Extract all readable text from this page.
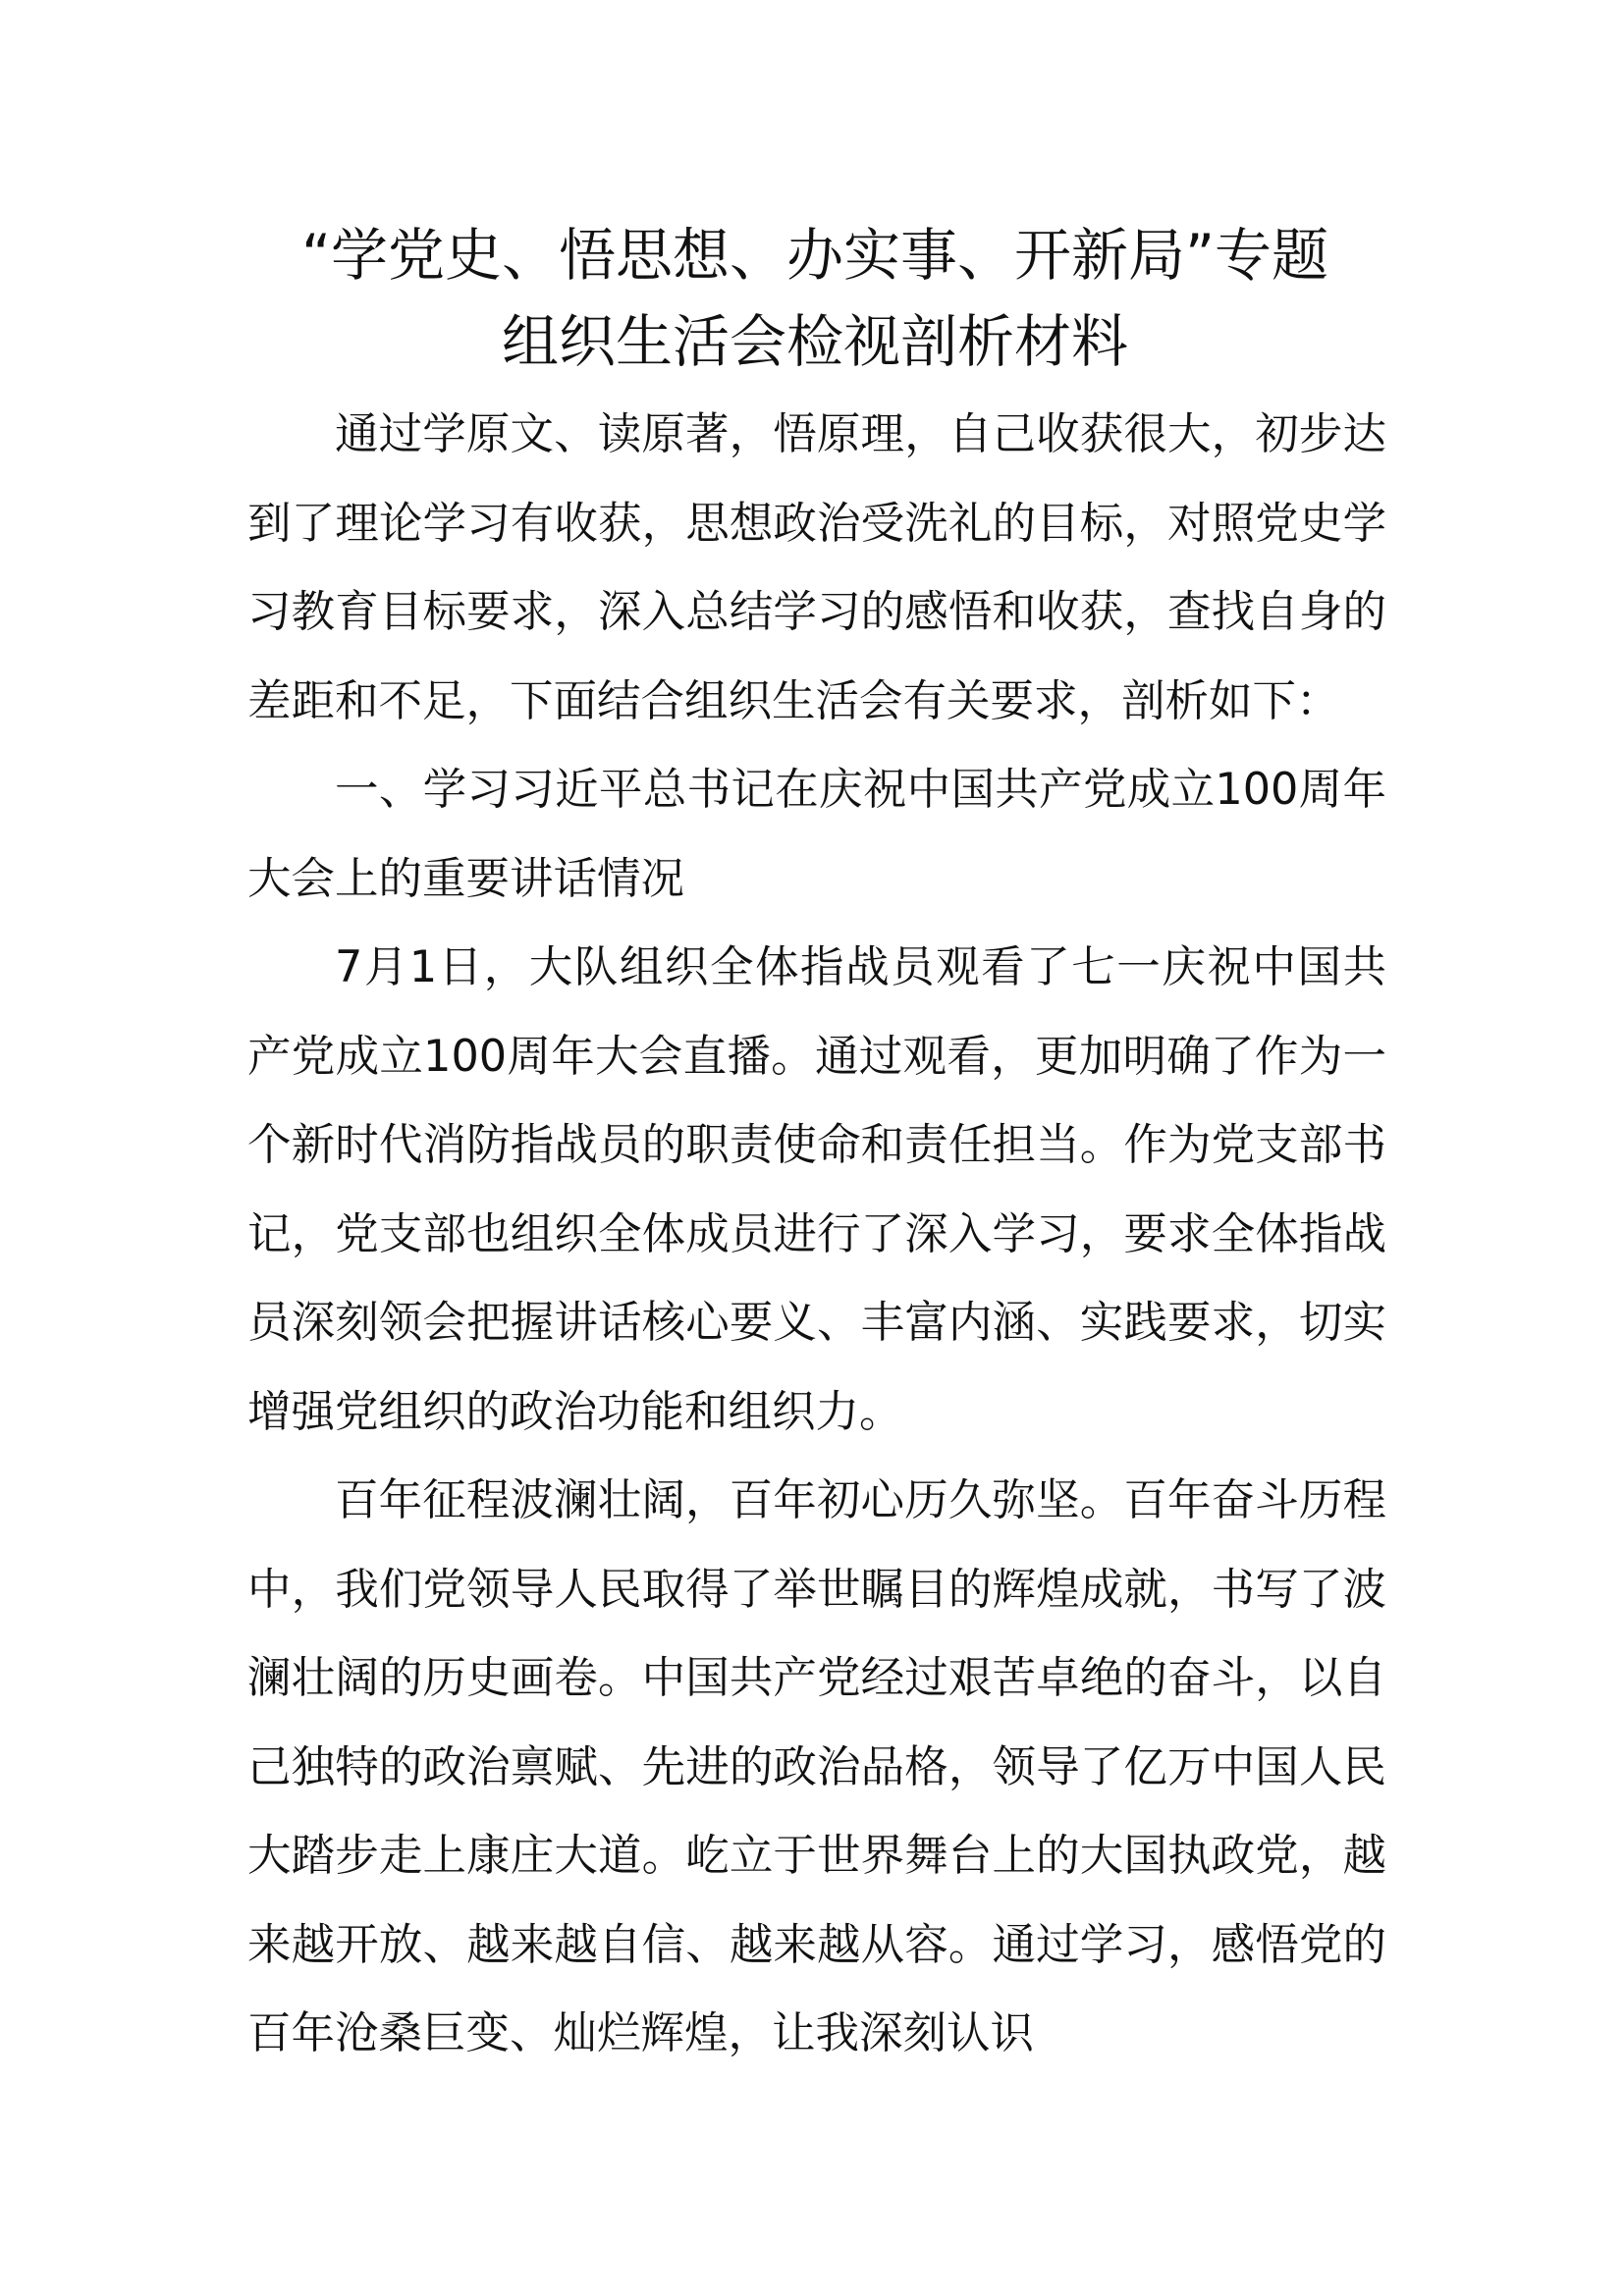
“学党史、悟思想、办实事、开新局”专题
组织生活会检视剖析材料

通过学原文、读原著，悟原理，自己收获很大，初步达到了理论学习有收获，思想政治受洗礼的目标，对照党史学习教育目标要求，深入总结学习的感悟和收获，查找自身的差距和不足，下面结合组织生活会有关要求，剖析如下：

一、学习习近平总书记在庆祝中国共产党成立100周年大会上的重要讲话情况

7月1日，大队组织全体指战员观看了七一庆祝中国共产党成立100周年大会直播。通过观看，更加明确了作为一个新时代消防指战员的职责使命和责任担当。作为党支部书记，党支部也组织全体成员进行了深入学习，要求全体指战员深刻领会把握讲话核心要义、丰富内涵、实践要求，切实增强党组织的政治功能和组织力。

百年征程波澜壮阔，百年初心历久弥坚。百年奋斗历程中，我们党领导人民取得了举世瞩目的辉煌成就，书写了波澜壮阔的历史画卷。中国共产党经过艰苦卓绝的奋斗，以自己独特的政治禀赋、先进的政治品格，领导了亿万中国人民大踏步走上康庄大道。屹立于世界舞台上的大国执政党，越来越开放、越来越自信、越来越从容。通过学习，感悟党的百年沧桑巨变、灿烂辉煌，让我深刻认识
